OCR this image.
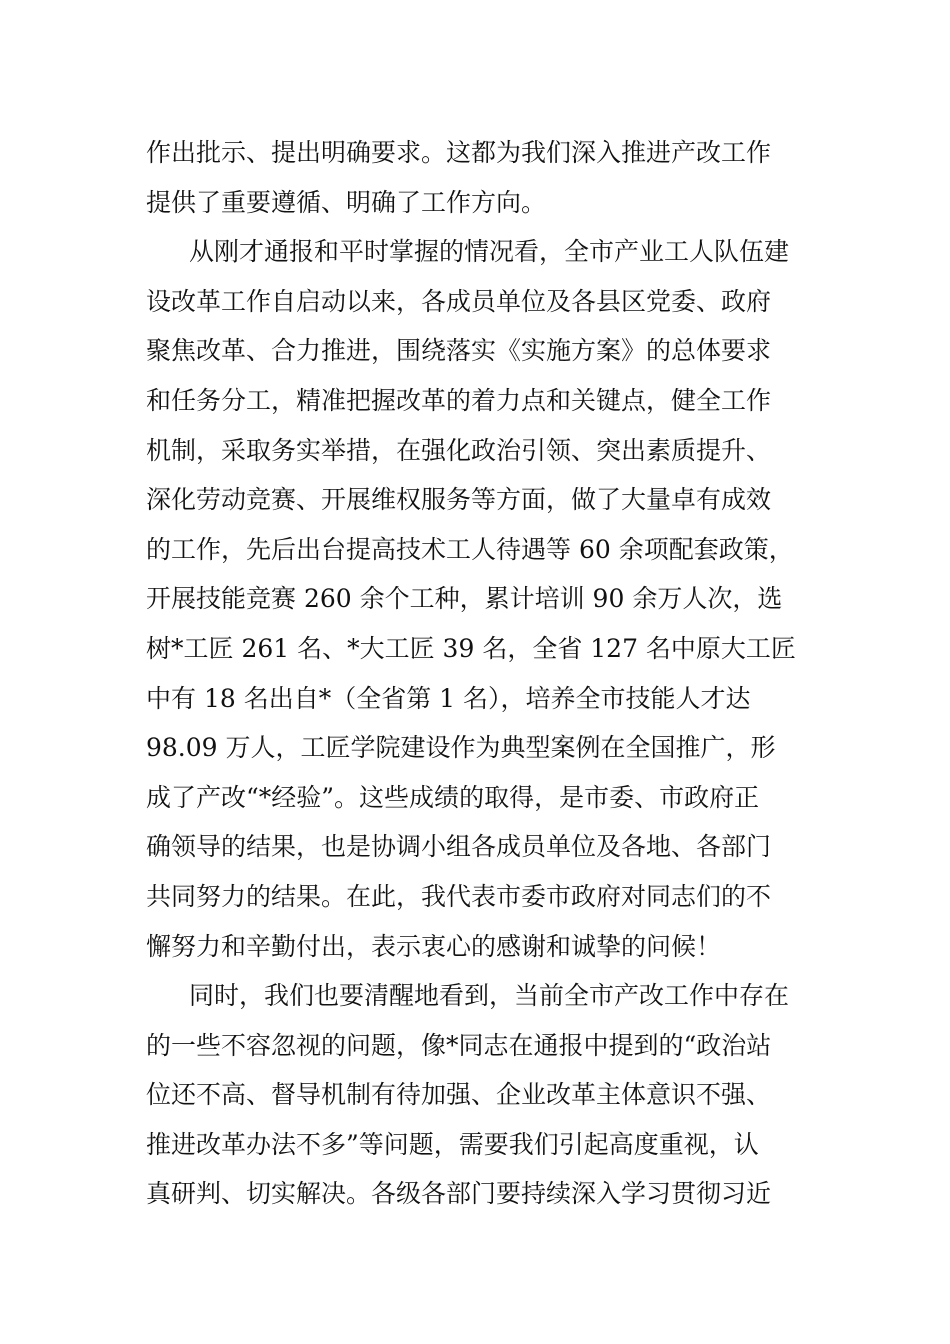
作出批示、提出明确要求。这都为我们深入推进产改工作
提供了重要遵循、明确了工作方向。
从刚才通报和平时掌握的情况看，全市产业工人队伍建
设改革工作自启动以来，各成员单位及各县区党委、政府
聚焦改革、合力推进，围绕落实《实施方案》的总体要求
和任务分工，精准把握改革的着力点和关键点，健全工作
机制，采取务实举措，在强化政治引领、突出素质提升、
深化劳动竞赛、开展维权服务等方面，做了大量卓有成效
的工作，先后出台提高技术工人待遇等 60 余项配套政策，
开展技能竞赛 260 余个工种，累计培训 90 余万人次，选
树*工匠 261 名、*大工匠 39 名，全省 127 名中原大工匠
中有 18 名出自*（全省第 1 名），培养全市技能人才达
98.09 万人，工匠学院建设作为典型案例在全国推广，形
成了产改“*经验”。这些成绩的取得，是市委、市政府正
确领导的结果，也是协调小组各成员单位及各地、各部门
共同努力的结果。在此，我代表市委市政府对同志们的不
懈努力和辛勤付出，表示衷心的感谢和诚挚的问候！
同时，我们也要清醒地看到，当前全市产改工作中存在
的一些不容忽视的问题，像*同志在通报中提到的“政治站
位还不高、督导机制有待加强、企业改革主体意识不强、
推进改革办法不多”等问题，需要我们引起高度重视，认
真研判、切实解决。各级各部门要持续深入学习贯彻习近
